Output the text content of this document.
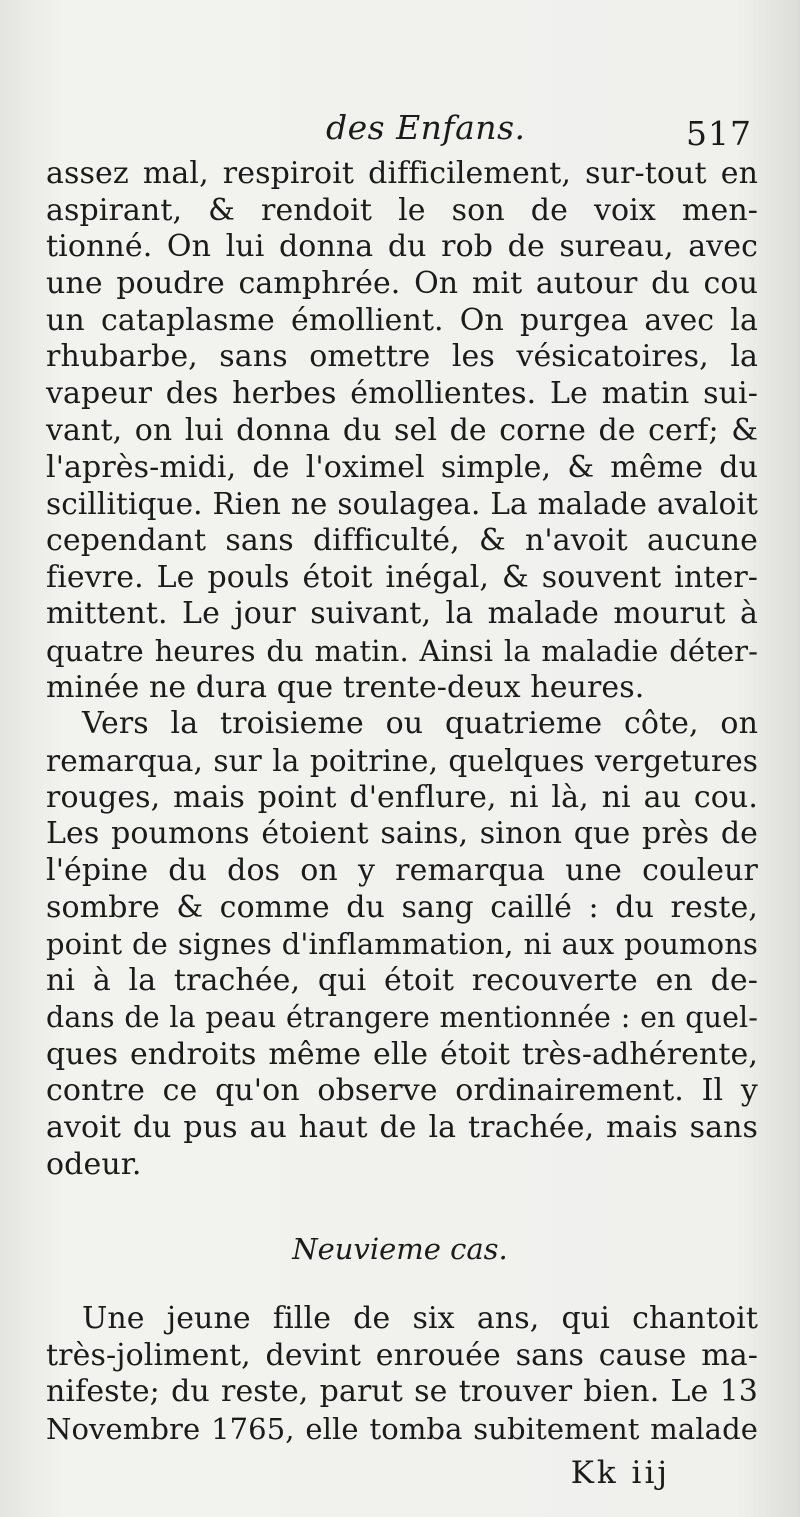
des Enfans.	517
assez mal, respiroit difficilement, sur-tout en
aspirant, & rendoit le son de voix men-
tionné. On lui donna du rob de sureau, avec
une poudre camphrée. On mit autour du cou
un cataplasme émollient. On purgea avec la
rhubarbe, sans omettre les vésicatoires, la
vapeur des herbes émollientes. Le matin sui-
vant, on lui donna du sel de corne de cerf; &
l'après-midi, de l'oximel simple, & même du
scillitique. Rien ne soulagea. La malade avaloit
cependant sans difficulté, & n'avoit aucune
fievre. Le pouls étoit inégal, & souvent inter-
mittent. Le jour suivant, la malade mourut à
quatre heures du matin. Ainsi la maladie déter-
minée ne dura que trente-deux heures.
Vers la troisieme ou quatrieme côte, on
remarqua, sur la poitrine, quelques vergetures
rouges, mais point d'enflure, ni là, ni au cou.
Les poumons étoient sains, sinon que près de
l'épine du dos on y remarqua une couleur
sombre & comme du sang caillé : du reste,
point de signes d'inflammation, ni aux poumons
ni à la trachée, qui étoit recouverte en de-
dans de la peau étrangere mentionnée : en quel-
ques endroits même elle étoit très-adhérente,
contre ce qu'on observe ordinairement. Il y
avoit du pus au haut de la trachée, mais sans
odeur.
Neuvieme cas.
Une jeune fille de six ans, qui chantoit
très-joliment, devint enrouée sans cause ma-
nifeste; du reste, parut se trouver bien. Le 13
Novembre 1765, elle tomba subitement malade
Kk iij
